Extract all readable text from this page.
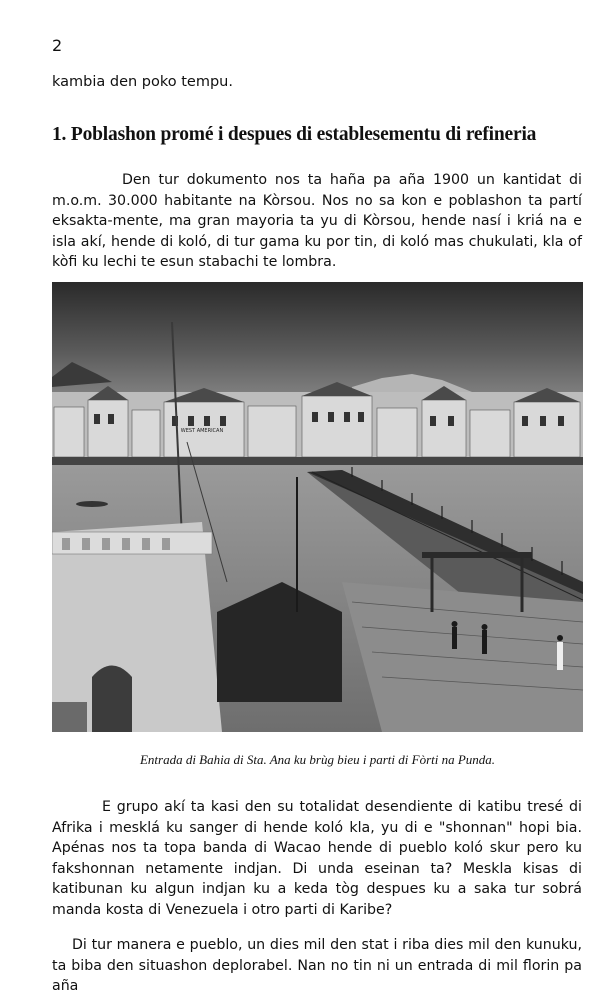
2
kambia den poko tempu.
1. Poblashon promé i despues di establesementu di refineria

Den tur dokumento nos ta haña pa aña 1900 un kantidat di m.o.m. 30.000 habitante na Kòrsou. Nos no sa kon e poblashon ta partí eksakta-mente, ma gran mayoria ta yu di Kòrsou, hende nasí i kriá na e isla akí, hende di koló, di tur gama ku por tin, di koló mas chukulati, kla of kòfi ku lechi te esun stabachi te lombra.

WEST AMERICAN
Entrada di Bahia di Sta. Ana ku brùg bieu i parti di Fòrti na Punda.

E grupo akí ta kasi den su totalidat desendiente di katibu tresé di Afrika i mesklá ku sanger di hende koló kla, yu di e "shonnan" hopi bia. Apénas nos ta topa banda di Wacao hende di pueblo koló skur pero ku fakshonnan netamente indjan. Di unda eseinan ta? Meskla kisas di katibunan ku algun indjan ku a keda tòg despues ku a saka tur sobrá manda kosta di Venezuela i otro parti di Karibe?

Di tur manera e pueblo, un dies mil den stat i riba dies mil den kunuku, ta biba den situashon deplorabel. Nan no tin ni un entrada di mil florin pa aña
